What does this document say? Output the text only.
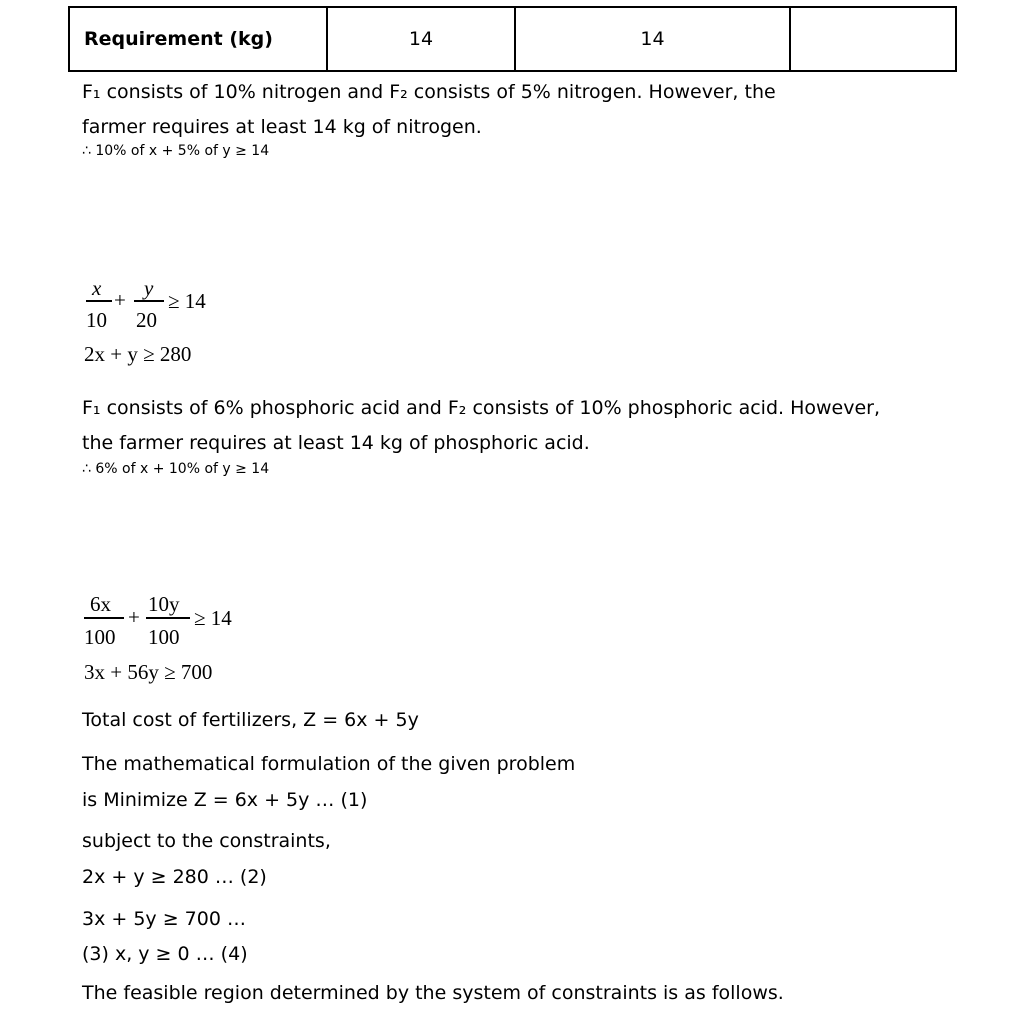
Requirement (kg)	14	14	
F₁ consists of 10% nitrogen and F₂ consists of 5% nitrogen. However, the
farmer requires at least 14 kg of nitrogen.
∴ 10% of x + 5% of y ≥ 14
x
10
+ y
20
≥ 14
2x + y ≥ 280
F₁ consists of 6% phosphoric acid and F₂ consists of 10% phosphoric acid. However,
the farmer requires at least 14 kg of phosphoric acid.
∴ 6% of x + 10% of y ≥ 14
6x
100
+
10y
100
≥ 14
3x + 56y ≥ 700
Total cost of fertilizers, Z = 6x + 5y
The mathematical formulation of the given problem
is Minimize Z = 6x + 5y … (1)
subject to the constraints,
2x + y ≥ 280 … (2)
3x + 5y ≥ 700 …
(3) x, y ≥ 0 … (4)
The feasible region determined by the system of constraints is as follows.
